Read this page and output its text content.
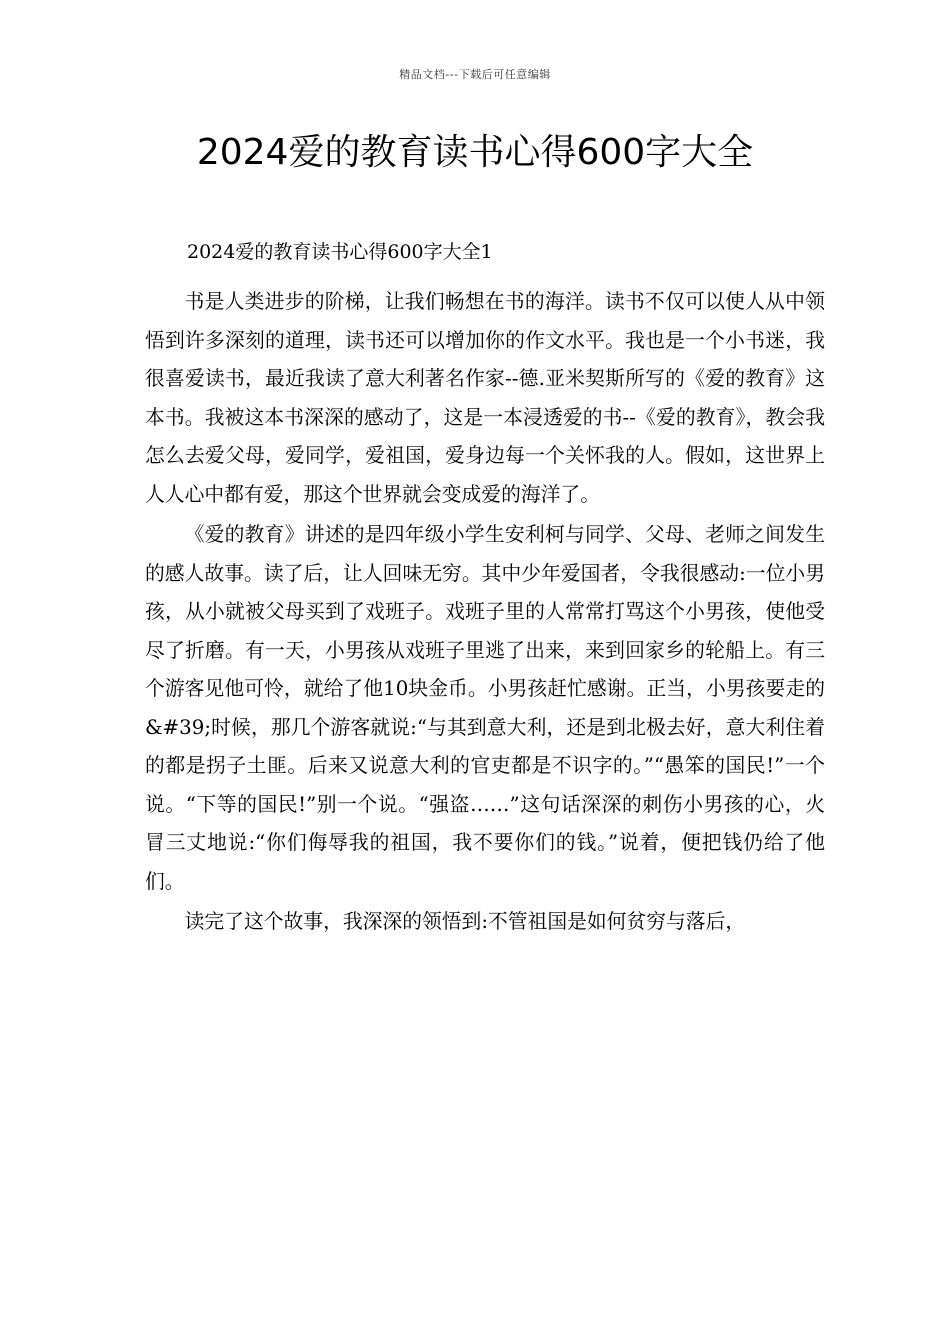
精品文档---下载后可任意编辑
2024爱的教育读书心得600字大全
2024爱的教育读书心得600字大全1

书是人类进步的阶梯，让我们畅想在书的海洋。读书不仅可以使人从中领悟到许多深刻的道理，读书还可以增加你的作文水平。我也是一个小书迷，我很喜爱读书，最近我读了意大利著名作家--德.亚米契斯所写的《爱的教育》这本书。我被这本书深深的感动了，这是一本浸透爱的书--《爱的教育》，教会我怎么去爱父母，爱同学，爱祖国，爱身边每一个关怀我的人。假如，这世界上人人心中都有爱，那这个世界就会变成爱的海洋了。

《爱的教育》讲述的是四年级小学生安利柯与同学、父母、老师之间发生的感人故事。读了后，让人回味无穷。其中少年爱国者，令我很感动:一位小男孩，从小就被父母买到了戏班子。戏班子里的人常常打骂这个小男孩，使他受尽了折磨。有一天，小男孩从戏班子里逃了出来，来到回家乡的轮船上。有三个游客见他可怜，就给了他10块金币。小男孩赶忙感谢。正当，小男孩要走的&#39;时候，那几个游客就说:“与其到意大利，还是到北极去好，意大利住着的都是拐子土匪。后来又说意大利的官吏都是不识字的。”“愚笨的国民!”一个说。“下等的国民!”别一个说。“强盗……”这句话深深的刺伤小男孩的心，火冒三丈地说:“你们侮辱我的祖国，我不要你们的钱。”说着，便把钱仍给了他们。

读完了这个故事，我深深的领悟到:不管祖国是如何贫穷与落后，
